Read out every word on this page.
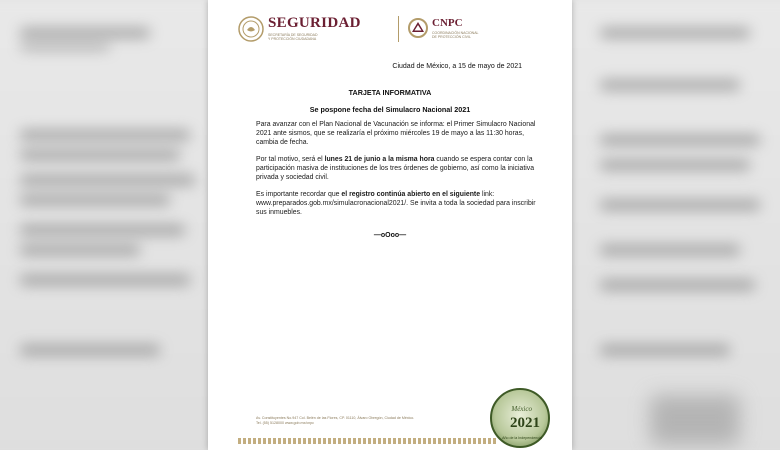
SEGURIDAD
SECRETARÍA DE SEGURIDAD
Y PROTECCIÓN CIUDADANA
CNPC
COORDINACIÓN NACIONAL
DE PROTECCIÓN CIVIL
Ciudad de México, a 15 de mayo de 2021
TARJETA INFORMATIVA
Se pospone fecha del Simulacro Nacional 2021

Para avanzar con el Plan Nacional de Vacunación se informa: el Primer Simulacro Nacional 2021 ante sismos, que se realizaría el próximo miércoles 19 de mayo a las 11:30 horas, cambia de fecha.

Por tal motivo, será el lunes 21 de junio a la misma hora cuando se espera contar con la participación masiva de instituciones de los tres órdenes de gobierno, así como la iniciativa privada y sociedad civil.

Es importante recordar que el registro continúa abierto en el siguiente link: www.preparados.gob.mx/simulacronacional2021/. Se invita a toda la sociedad para inscribir sus inmuebles.

—oOoo—
Av. Constituyentes No.947 Col. Belén de las Flores, CP. 01110, Álvaro Obregón, Ciudad de México.
Tel. (55) 5128000 www.gob.mx/cnpc
México
2021
Año de la Independencia
